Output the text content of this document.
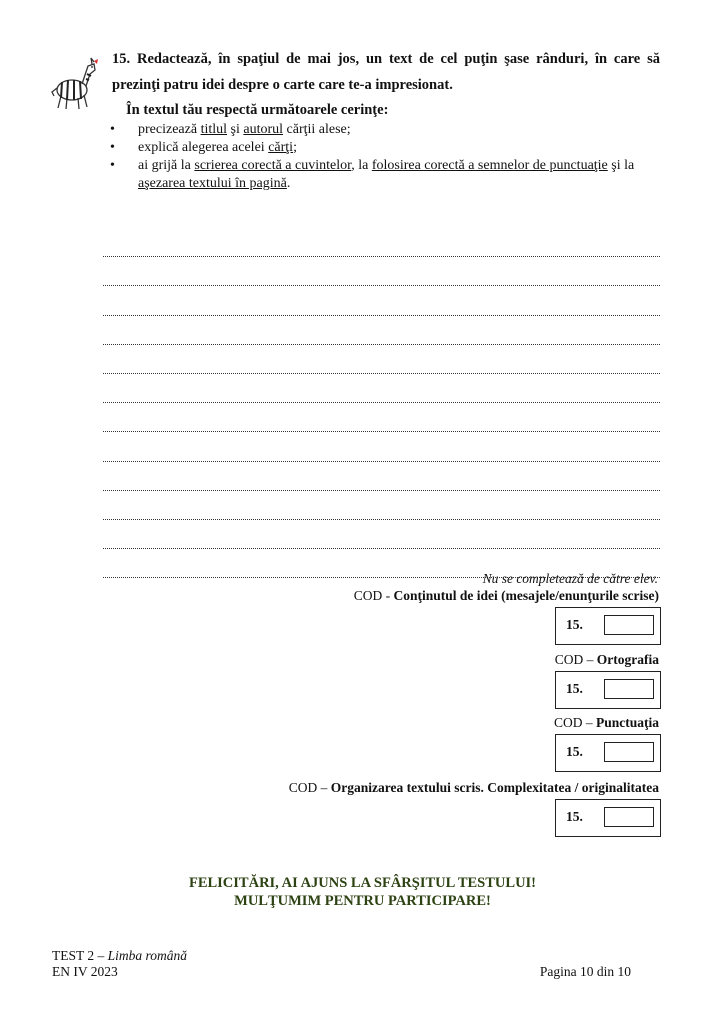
15. Redactează, în spaţiul de mai jos, un text de cel puţin şase rânduri, în care să
prezinţi patru idei despre o carte care te-a impresionat.
În textul tău respectă următoarele cerinţe:
• precizează titlul şi autorul cărţii alese;
• explică alegerea acelei cărţi;
• ai grijă la scrierea corectă a cuvintelor, la folosirea corectă a semnelor de punctuaţie şi la aşezarea textului în pagină.
Nu se completează de către elev.
COD - Conţinutul de idei (mesajele/enunţurile scrise)
15.
COD – Ortografia
15.
COD – Punctuaţia
15.
COD – Organizarea textului scris. Complexitatea / originalitatea
15.
FELICITĂRI, AI AJUNS LA SFÂRŞITUL TESTULUI!
MULŢUMIM PENTRU PARTICIPARE!
TEST 2 – Limba română
EN IV 2023	Pagina 10 din 10
